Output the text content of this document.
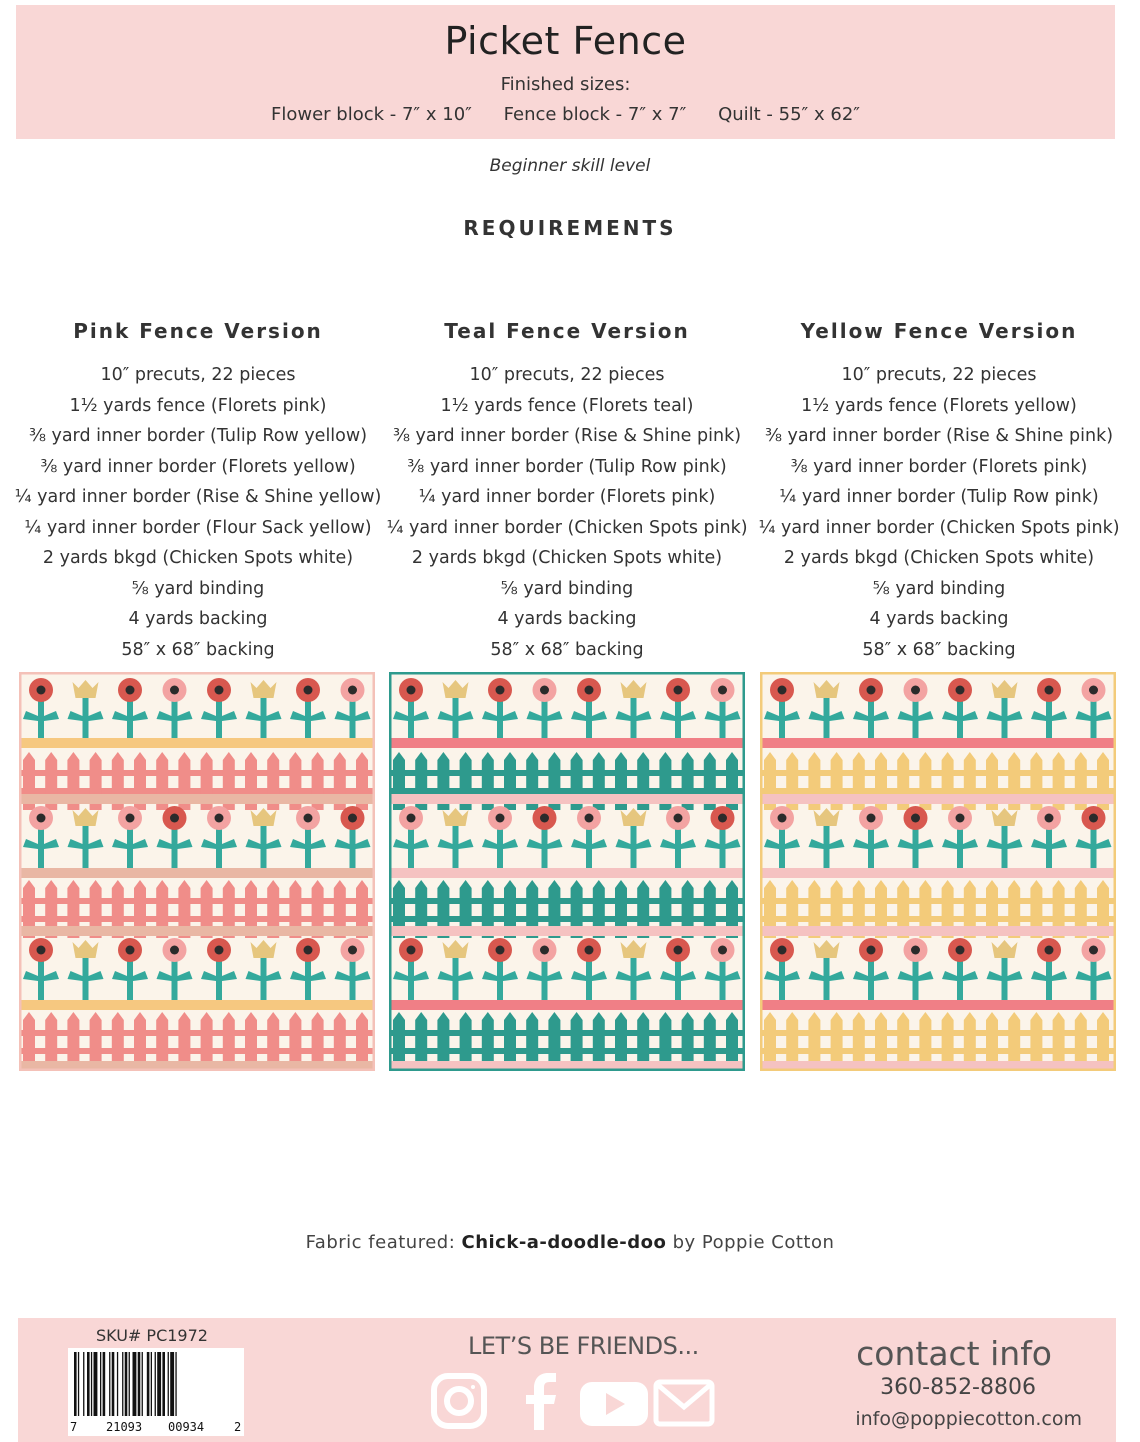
Picket Fence
Finished sizes:
Flower block - 7″ x 10″ Fence block - 7″ x 7″ Quilt - 55″ x 62″
Beginner skill level
REQUIREMENTS
Pink Fence Version
10″ precuts, 22 pieces
1½ yards fence (Florets pink)
⅜ yard inner border (Tulip Row yellow)
⅜ yard inner border (Florets yellow)
¼ yard inner border (Rise & Shine yellow)
¼ yard inner border (Flour Sack yellow)
2 yards bkgd (Chicken Spots white)
⅝ yard binding
4 yards backing
58″ x 68″ backing
Teal Fence Version
10″ precuts, 22 pieces
1½ yards fence (Florets teal)
⅜ yard inner border (Rise & Shine pink)
⅜ yard inner border (Tulip Row pink)
¼ yard inner border (Florets pink)
¼ yard inner border (Chicken Spots pink)
2 yards bkgd (Chicken Spots white)
⅝ yard binding
4 yards backing
58″ x 68″ backing
Yellow Fence Version
10″ precuts, 22 pieces
1½ yards fence (Florets yellow)
⅜ yard inner border (Rise & Shine pink)
⅜ yard inner border (Florets pink)
¼ yard inner border (Tulip Row pink)
¼ yard inner border (Chicken Spots pink)
2 yards bkgd (Chicken Spots white)
⅝ yard binding
4 yards backing
58″ x 68″ backing
Fabric featured: Chick-a-doodle-doo by Poppie Cotton
SKU# PC1972
7 21093 00934 2
LET’S BE FRIENDS...	contact info
360-852-8806
info@poppiecotton.com
